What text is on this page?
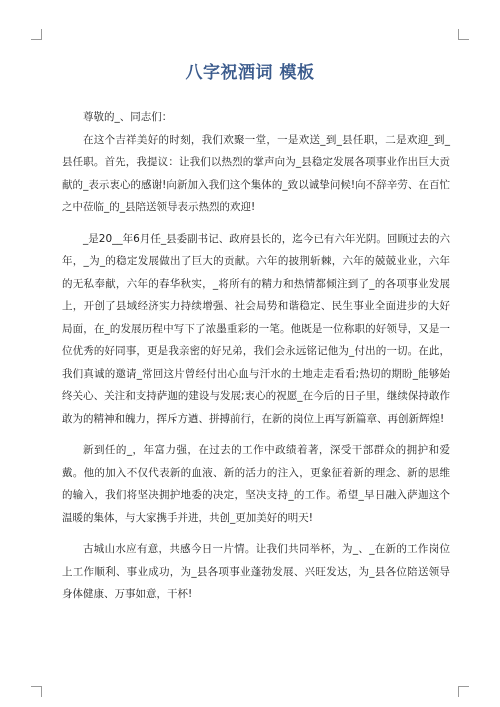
八字祝酒词 模板

尊敬的_、同志们：

在这个吉祥美好的时刻，我们欢聚一堂，一是欢送_到_县任职，二是欢迎_到_县任职。首先，我提议：让我们以热烈的掌声向为_县稳定发展各项事业作出巨大贡献的_表示衷心的感谢!向新加入我们这个集体的_致以诚挚问候!向不辞辛劳、在百忙之中莅临_的_县陪送领导表示热烈的欢迎!

_是20__年6月任_县委副书记、政府县长的，迄今已有六年光阴。回顾过去的六年，_为_的稳定发展做出了巨大的贡献。六年的披荆斩棘，六年的兢兢业业，六年的无私奉献，六年的春华秋实，_将所有的精力和热情都倾注到了_的各项事业发展上，开创了县域经济实力持续增强、社会局势和谐稳定、民生事业全面进步的大好局面，在_的发展历程中写下了浓墨重彩的一笔。他既是一位称职的好领导，又是一位优秀的好同事，更是我亲密的好兄弟，我们会永远铭记他为_付出的一切。在此，我们真诚的邀请_常回这片曾经付出心血与汗水的土地走走看看;热切的期盼_能够始终关心、关注和支持萨迦的建设与发展;衷心的祝愿_在今后的日子里，继续保持敢作敢为的精神和魄力，挥斥方遒、拼搏前行，在新的岗位上再写新篇章、再创新辉煌!

新到任的_，年富力强，在过去的工作中政绩着著，深受干部群众的拥护和爱戴。他的加入不仅代表新的血液、新的活力的注入，更象征着新的理念、新的思维的输入，我们将坚决拥护地委的决定，坚决支持_的工作。希望_早日融入萨迦这个温暖的集体，与大家携手并进，共创_更加美好的明天!

古城山水应有意，共感今日一片情。让我们共同举杯，为_、_在新的工作岗位上工作顺利、事业成功，为_县各项事业蓬勃发展、兴旺发达，为_县各位陪送领导身体健康、万事如意，干杯!
